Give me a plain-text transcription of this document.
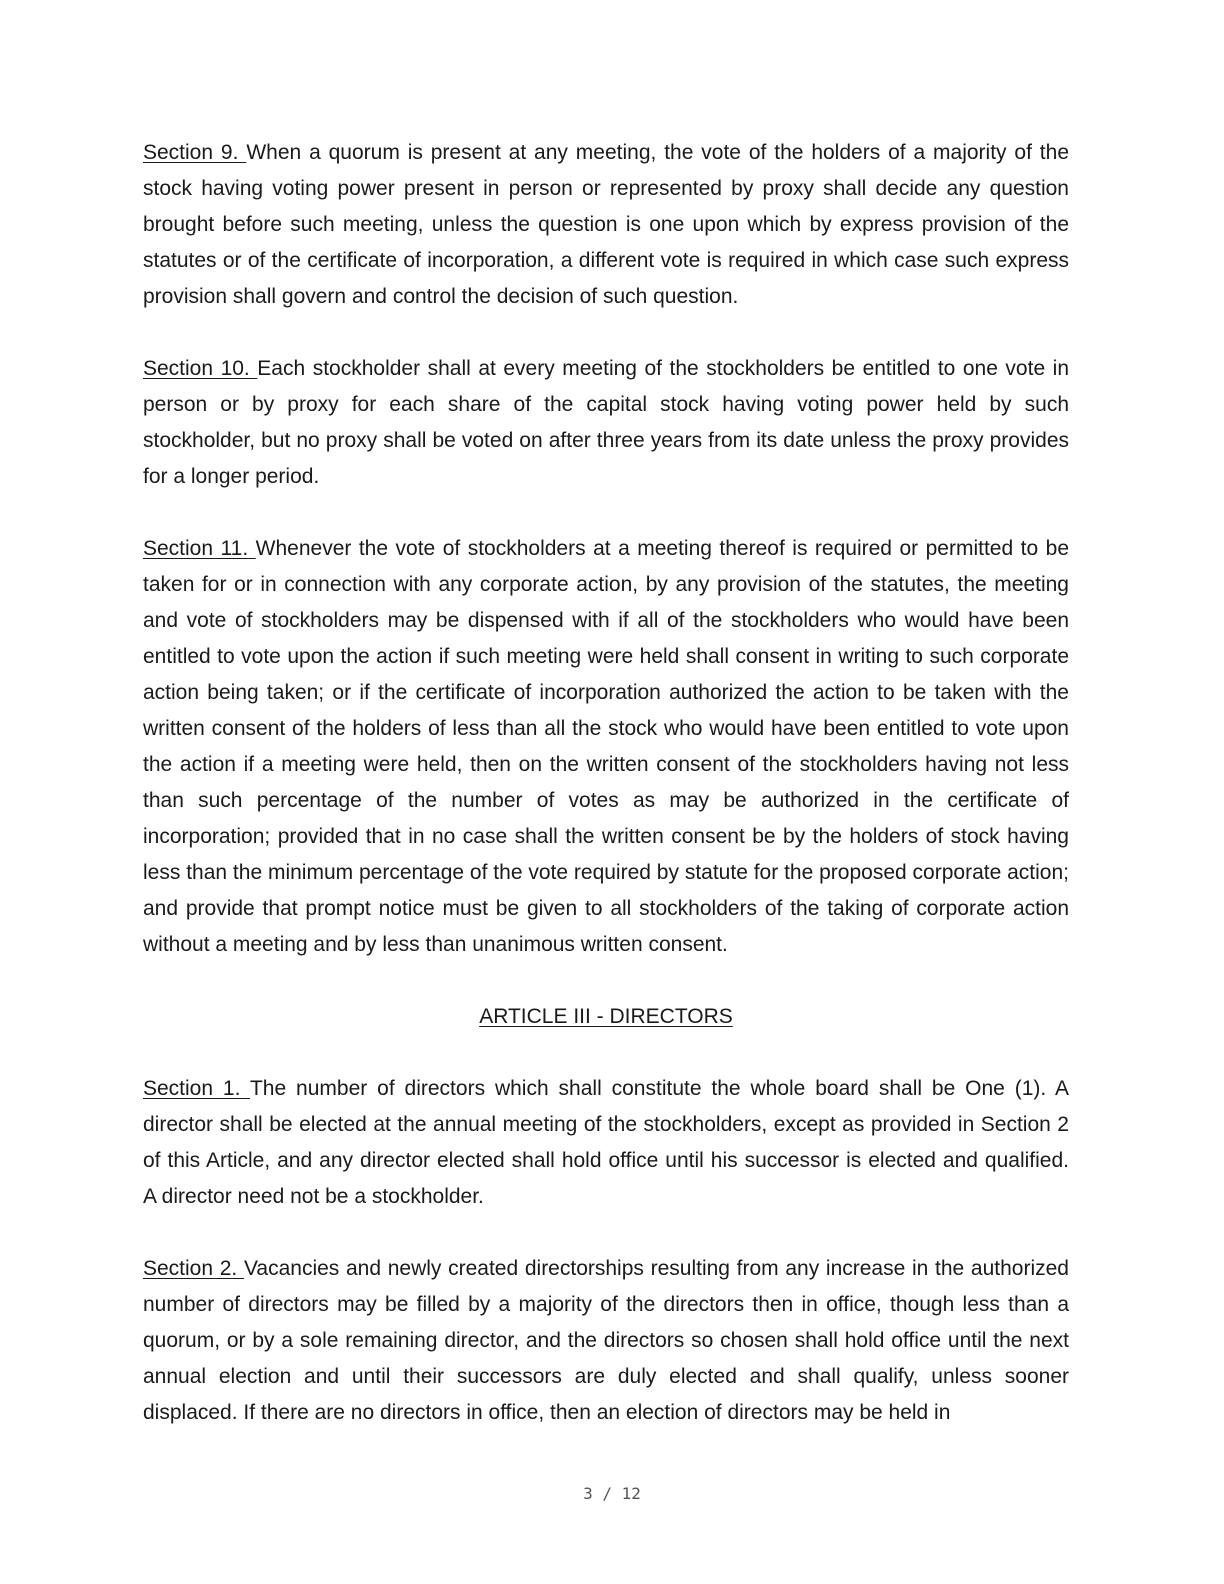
Section 9. When a quorum is present at any meeting, the vote of the holders of a majority of the stock having voting power present in person or represented by proxy shall decide any question brought before such meeting, unless the question is one upon which by express provision of the statutes or of the certificate of incorporation, a different vote is required in which case such express provision shall govern and control the decision of such question.

Section 10. Each stockholder shall at every meeting of the stockholders be entitled to one vote in person or by proxy for each share of the capital stock having voting power held by such stockholder, but no proxy shall be voted on after three years from its date unless the proxy provides for a longer period.

Section 11. Whenever the vote of stockholders at a meeting thereof is required or permitted to be taken for or in connection with any corporate action, by any provision of the statutes, the meeting and vote of stockholders may be dispensed with if all of the stockholders who would have been entitled to vote upon the action if such meeting were held shall consent in writing to such corporate action being taken; or if the certificate of incorporation authorized the action to be taken with the written consent of the holders of less than all the stock who would have been entitled to vote upon the action if a meeting were held, then on the written consent of the stockholders having not less than such percentage of the number of votes as may be authorized in the certificate of incorporation; provided that in no case shall the written consent be by the holders of stock having less than the minimum percentage of the vote required by statute for the proposed corporate action; and provide that prompt notice must be given to all stockholders of the taking of corporate action without a meeting and by less than unanimous written consent.

ARTICLE III - DIRECTORS

Section 1. The number of directors which shall constitute the whole board shall be One (1). A director shall be elected at the annual meeting of the stockholders, except as provided in Section 2 of this Article, and any director elected shall hold office until his successor is elected and qualified. A director need not be a stockholder.

Section 2. Vacancies and newly created directorships resulting from any increase in the authorized number of directors may be filled by a majority of the directors then in office, though less than a quorum, or by a sole remaining director, and the directors so chosen shall hold office until the next annual election and until their successors are duly elected and shall qualify, unless sooner displaced. If there are no directors in office, then an election of directors may be held in

3 / 12
